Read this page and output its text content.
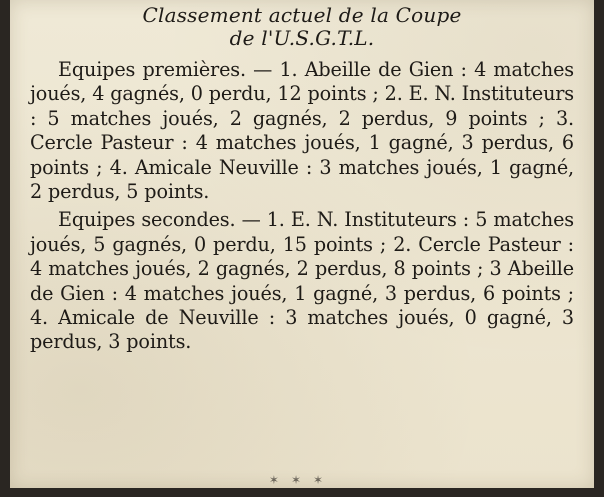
Classement actuel de la Coupe

de l'U.S.G.T.L.

Equipes premières. — 1. Abeille de Gien : 4 matches joués, 4 gagnés, 0 perdu, 12 points ; 2. E. N. Instituteurs : 5 matches joués, 2 gagnés, 2 perdus, 9 points ; 3. Cercle Pasteur : 4 matches joués, 1 gagné, 3 perdus, 6 points ; 4. Amicale Neuville : 3 matches joués, 1 gagné, 2 perdus, 5 points.

Equipes secondes. — 1. E. N. Instituteurs : 5 matches joués, 5 gagnés, 0 perdu, 15 points ; 2. Cercle Pasteur : 4 matches joués, 2 gagnés, 2 perdus, 8 points ; 3 Abeille de Gien : 4 matches joués, 1 gagné, 3 perdus, 6 points ; 4. Amicale de Neuville : 3 matches joués, 0 gagné, 3 perdus, 3 points.

✶✶✶
